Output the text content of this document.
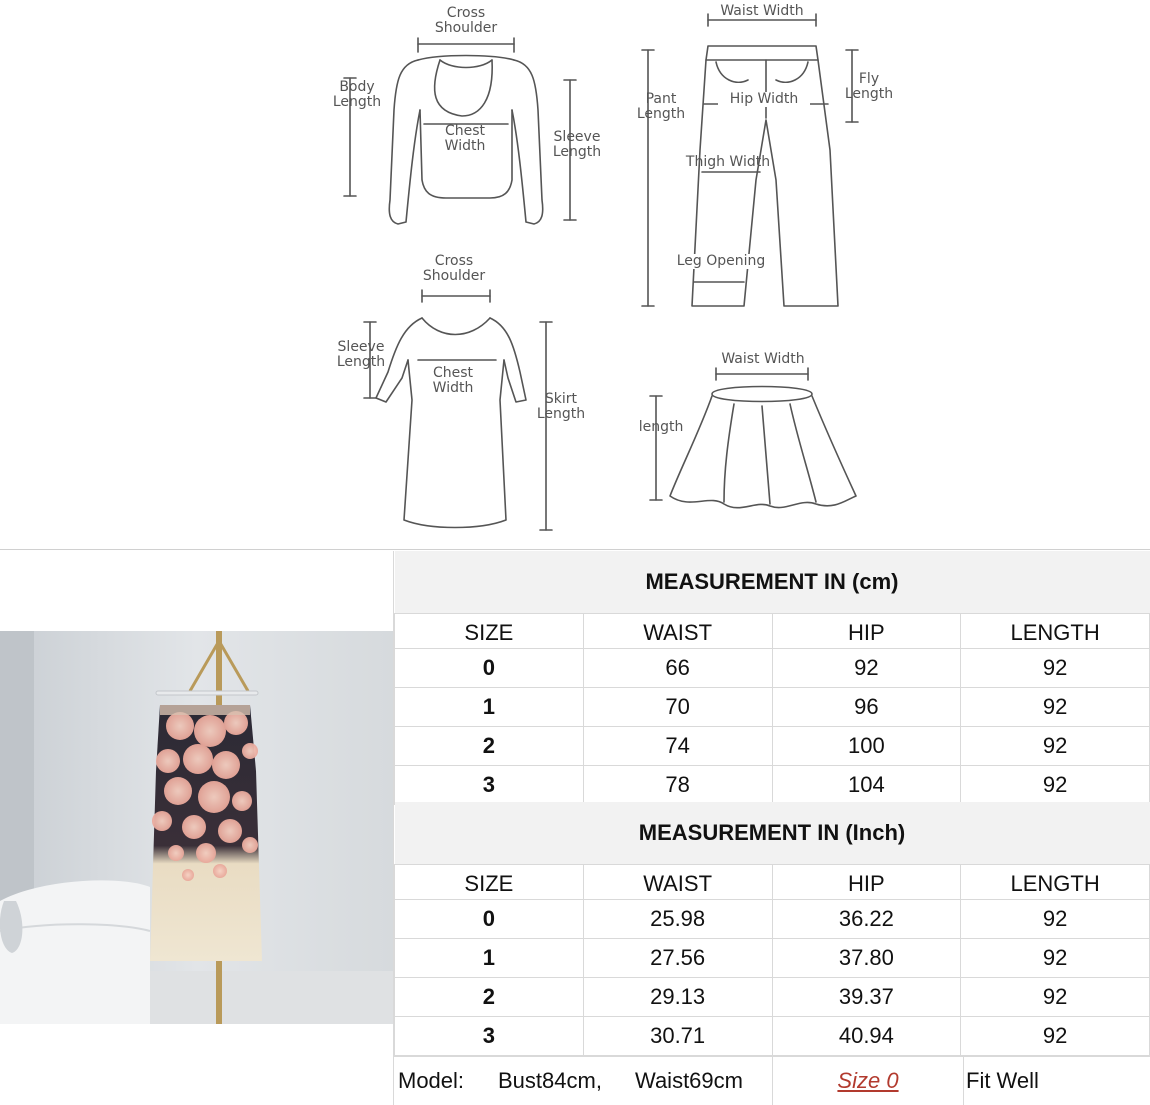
Cross
Shoulder
Body
Length
Chest
Width
Sleeve
Length
Waist Width
Fly
Length
Pant
Length
Hip Width
Thigh Width
Leg Opening
Cross
Shoulder
Sleeve
Length
Chest
Width
Skirt
Length
Waist Width
length
MEASUREMENT IN (cm)			
SIZE	WAIST	HIP	LENGTH
0	66	92	92
1	70	96	92
2	74	100	92
3	78	104	92
MEASUREMENT IN (Inch)			
SIZE	WAIST	HIP	LENGTH
0	25.98	36.22	92
1	27.56	37.80	92
2	29.13	39.37	92
3	30.71	40.94	92
Model: Bust84cm, Waist69cm	Size 0	Fit Well
